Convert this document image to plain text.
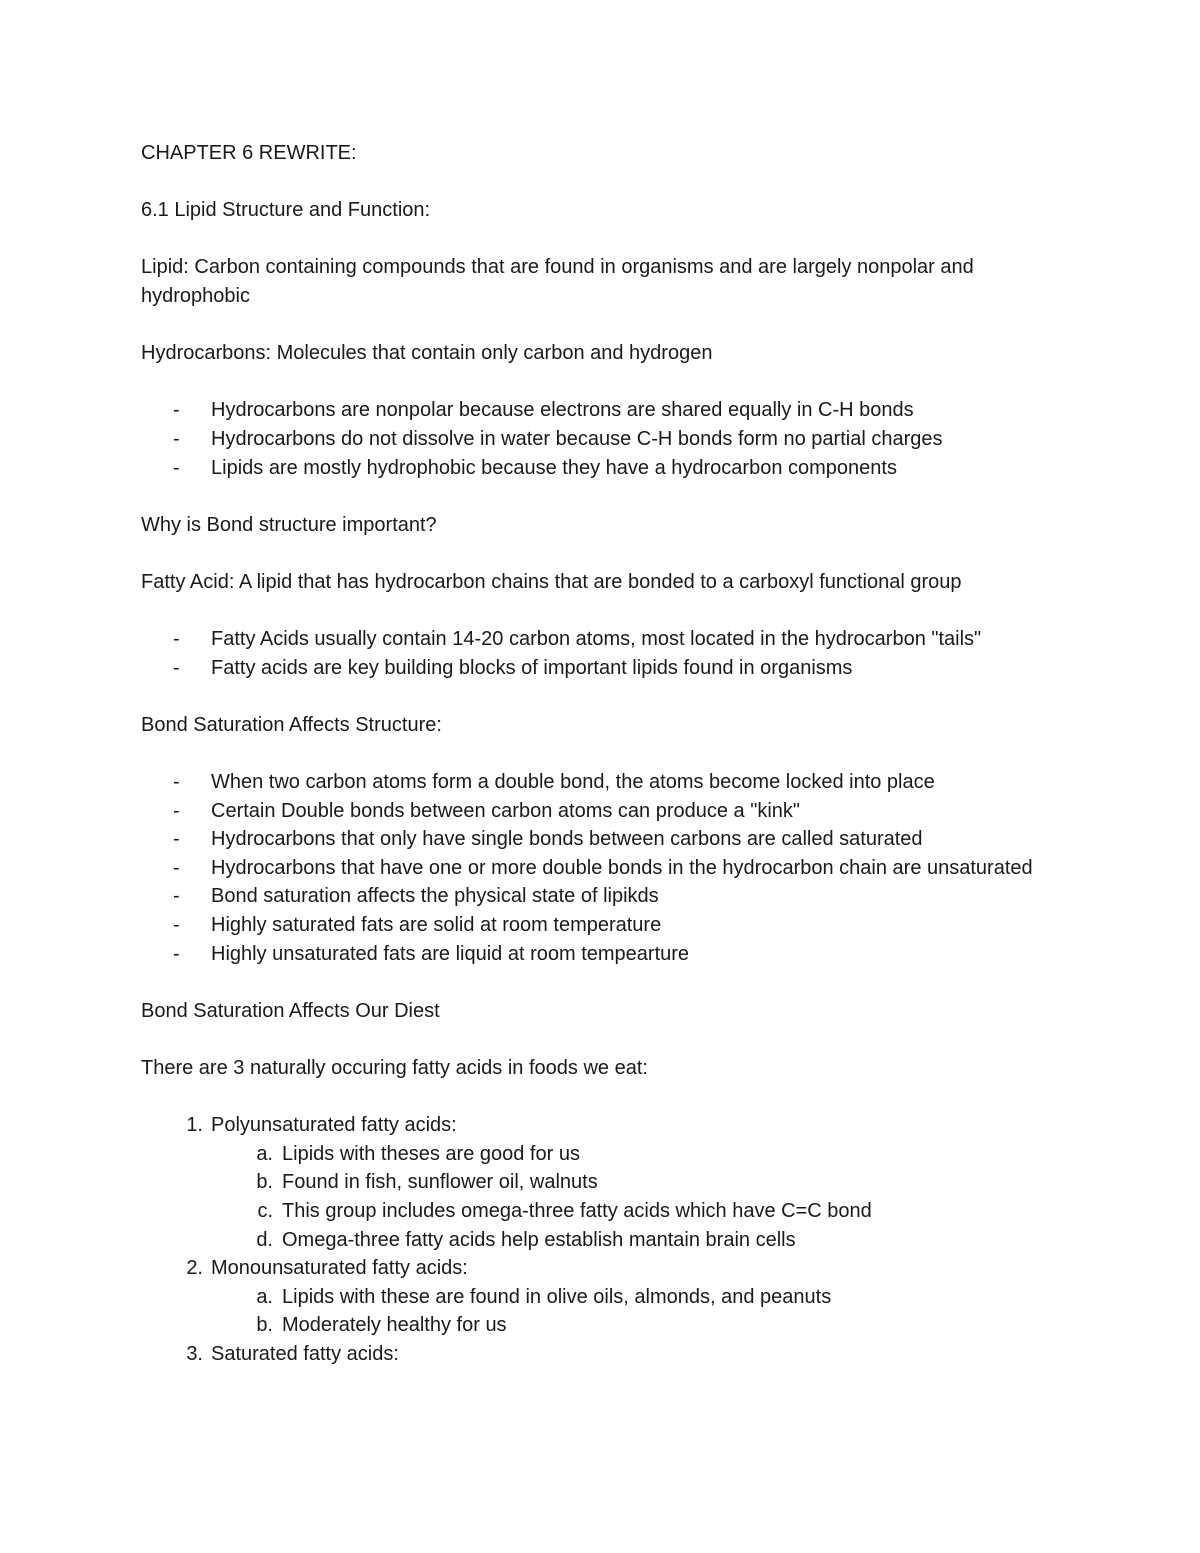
CHAPTER 6 REWRITE:

6.1 Lipid Structure and Function:

Lipid: Carbon containing compounds that are found in organisms and are largely nonpolar and hydrophobic

Hydrocarbons: Molecules that contain only carbon and hydrogen

- Hydrocarbons are nonpolar because electrons are shared equally in C-H bonds
- Hydrocarbons do not dissolve in water because C-H bonds form no partial charges
- Lipids are mostly hydrophobic because they have a hydrocarbon components

Why is Bond structure important?

Fatty Acid: A lipid that has hydrocarbon chains that are bonded to a carboxyl functional group

- Fatty Acids usually contain 14-20 carbon atoms, most located in the hydrocarbon "tails"
- Fatty acids are key building blocks of important lipids found in organisms

Bond Saturation Affects Structure:

- When two carbon atoms form a double bond, the atoms become locked into place
- Certain Double bonds between carbon atoms can produce a "kink"
- Hydrocarbons that only have single bonds between carbons are called saturated
- Hydrocarbons that have one or more double bonds in the hydrocarbon chain are unsaturated
- Bond saturation affects the physical state of lipikds
- Highly saturated fats are solid at room temperature
- Highly unsaturated fats are liquid at room tempearture

Bond Saturation Affects Our Diest

There are 3 naturally occuring fatty acids in foods we eat:

1. Polyunsaturated fatty acids:
a. Lipids with theses are good for us
b. Found in fish, sunflower oil, walnuts
c. This group includes omega-three fatty acids which have C=C bond
d. Omega-three fatty acids help establish mantain brain cells
2. Monounsaturated fatty acids:
a. Lipids with these are found in olive oils, almonds, and peanuts
b. Moderately healthy for us
3. Saturated fatty acids:
